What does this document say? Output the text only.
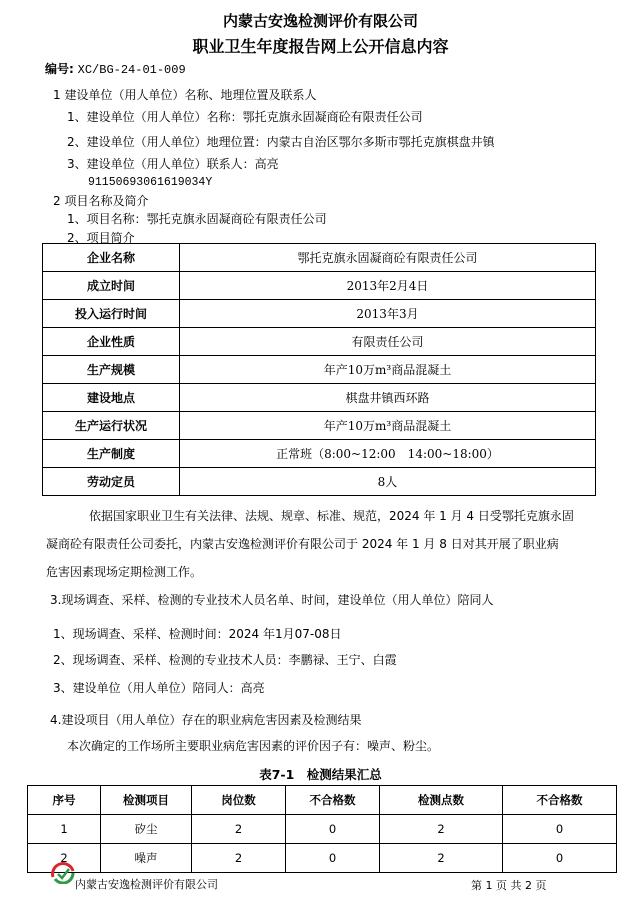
内蒙古安逸检测评价有限公司
职业卫生年度报告网上公开信息内容
编号: XC/BG-24-01-009
1 建设单位（用人单位）名称、地理位置及联系人
1、建设单位（用人单位）名称：鄂托克旗永固凝商砼有限责任公司
2、建设单位（用人单位）地理位置：内蒙古自治区鄂尔多斯市鄂托克旗棋盘井镇
3、建设单位（用人单位）联系人：高亮
91150693061619034Y
2 项目名称及简介
1、项目名称：鄂托克旗永固凝商砼有限责任公司
2、项目简介
企业名称	鄂托克旗永固凝商砼有限责任公司
成立时间	2013年2月4日
投入运行时间	2013年3月
企业性质	有限责任公司
生产规模	年产10万m³商品混凝土
建设地点	棋盘井镇西环路
生产运行状况	年产10万m³商品混凝土
生产制度	正常班（8:00~12:00　14:00~18:00）
劳动定员	8人
依据国家职业卫生有关法律、法规、规章、标准、规范，2024 年 1 月 4 日受鄂托克旗永固
凝商砼有限责任公司委托，内蒙古安逸检测评价有限公司于 2024 年 1 月 8 日对其开展了职业病
危害因素现场定期检测工作。
3.现场调查、采样、检测的专业技术人员名单、时间，建设单位（用人单位）陪同人
1、现场调查、采样、检测时间：2024 年1月07-08日
2、现场调查、采样、检测的专业技术人员：李鹏禄、王宁、白霞
3、建设单位（用人单位）陪同人：高亮
4.建设项目（用人单位）存在的职业病危害因素及检测结果
本次确定的工作场所主要职业病危害因素的评价因子有：噪声、粉尘。
表7-1　检测结果汇总
序号	检测项目	岗位数	不合格数	检测点数	不合格数
1	矽尘	2	0	2	0
2	噪声	2	0	2	0
内蒙古安逸检测评价有限公司	第 1 页 共 2 页
